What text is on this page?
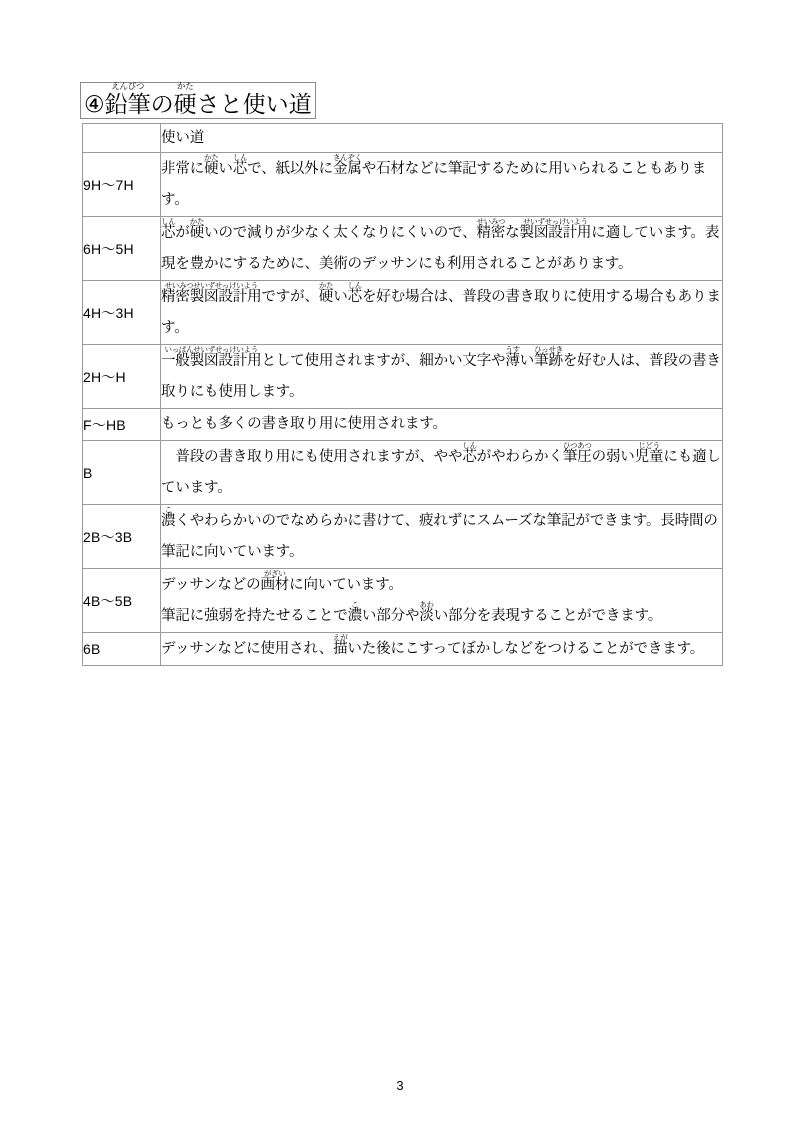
④鉛筆えんぴつの硬かたさと使い道
	使い道
9H～7H	非常に硬かたい芯しんで、紙以外に金属きんぞくや石材などに筆記するために用いられることもあります。
6H～5H	芯しんが硬かたいので減りが少なく太くなりにくいので、精密せいみつな製図設計用せいずせっけいように適しています。表現を豊かにするために、美術のデッサンにも利用されることがあります。
4H～3H	精密製図設計用せいみつせいずせっけいようですが、硬かたい芯しんを好む場合は、普段の書き取りに使用する場合もあります。
2H～H	一般製図設計用いっぱんせいずせっけいようとして使用されますが、細かい文字や薄うすい筆跡ひっせきを好む人は、普段の書き取りにも使用します。
F～HB	もっとも多くの書き取り用に使用されます。
B	　普段の書き取り用にも使用されますが、やや芯しんがやわらかく筆圧ひつあつの弱い児童じどうにも適しています。
2B～3B	濃こくやわらかいのでなめらかに書けて、疲れずにスムーズな筆記ができます。長時間の筆記に向いています。
4B～5B	デッサンなどの画材がざいに向いています。
筆記に強弱を持たせることで濃こい部分や淡あわい部分を表現することができます。
6B	デッサンなどに使用され、描えがいた後にこすってぼかしなどをつけることができます。
3
